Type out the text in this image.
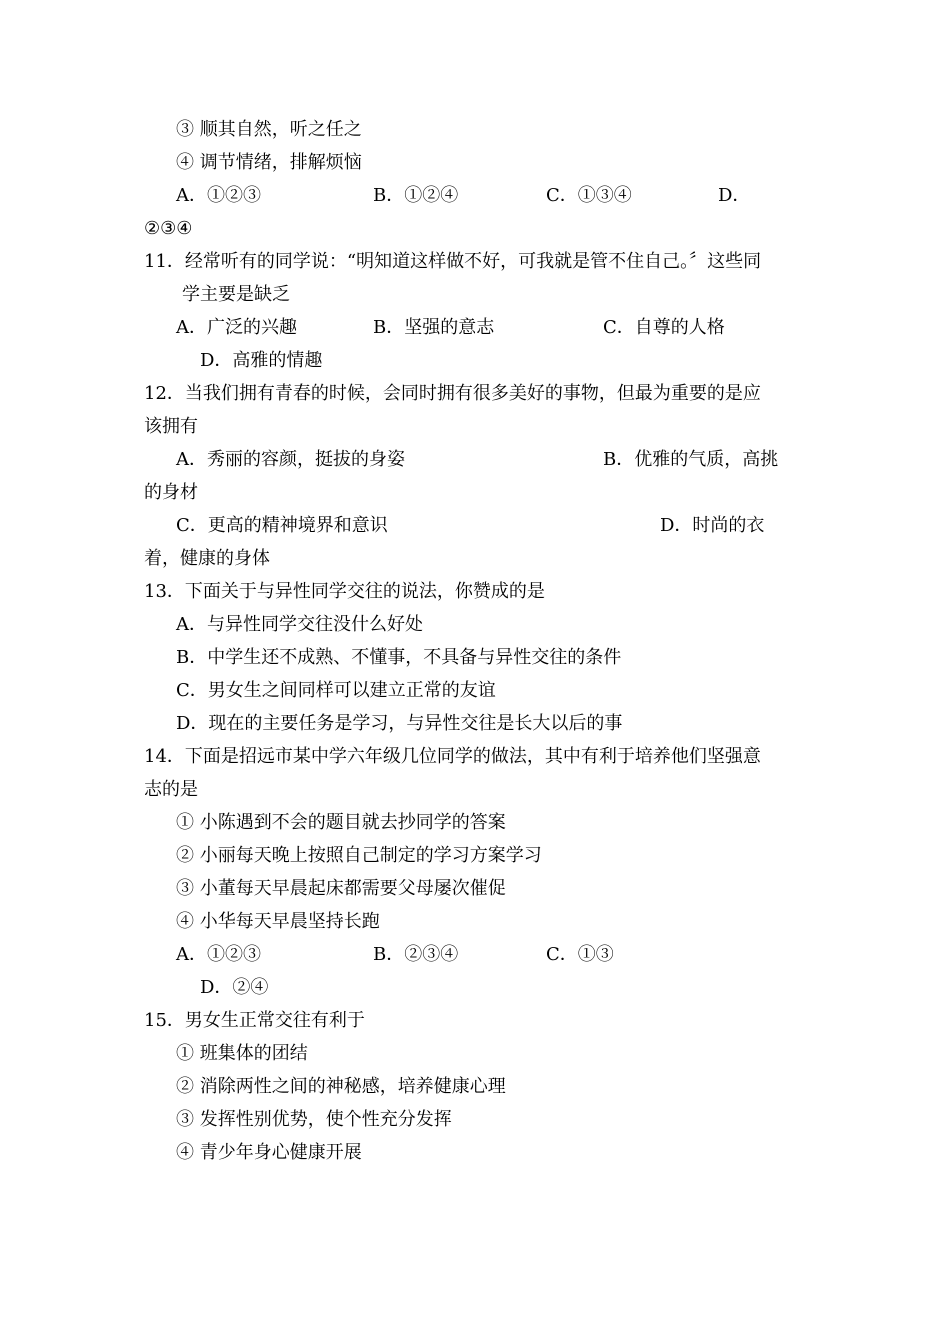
③ 顺其自然，听之任之
④ 调节情绪，排解烦恼
A．①②③	B．①②④	C．①③④	D．
②③④
11．经常听有的同学说：“明知道这样做不好，可我就是管不住自己。〞这些同
学主要是缺乏
A．广泛的兴趣	B．坚强的意志	C．自尊的人格
D．高雅的情趣
12．当我们拥有青春的时候，会同时拥有很多美好的事物，但最为重要的是应
该拥有
A．秀丽的容颜，挺拔的身姿	B．优雅的气质，高挑
的身材
C．更高的精神境界和意识	D．时尚的衣
着，健康的身体
13．下面关于与异性同学交往的说法，你赞成的是
A．与异性同学交往没什么好处
B．中学生还不成熟、不懂事，不具备与异性交往的条件
C．男女生之间同样可以建立正常的友谊
D．现在的主要任务是学习，与异性交往是长大以后的事
14．下面是招远市某中学六年级几位同学的做法，其中有利于培养他们坚强意
志的是
① 小陈遇到不会的题目就去抄同学的答案
② 小丽每天晚上按照自己制定的学习方案学习
③ 小董每天早晨起床都需要父母屡次催促
④ 小华每天早晨坚持长跑
A．①②③	B．②③④	C．①③
D．②④
15．男女生正常交往有利于
① 班集体的团结
② 消除两性之间的神秘感，培养健康心理
③ 发挥性别优势，使个性充分发挥
④ 青少年身心健康开展
